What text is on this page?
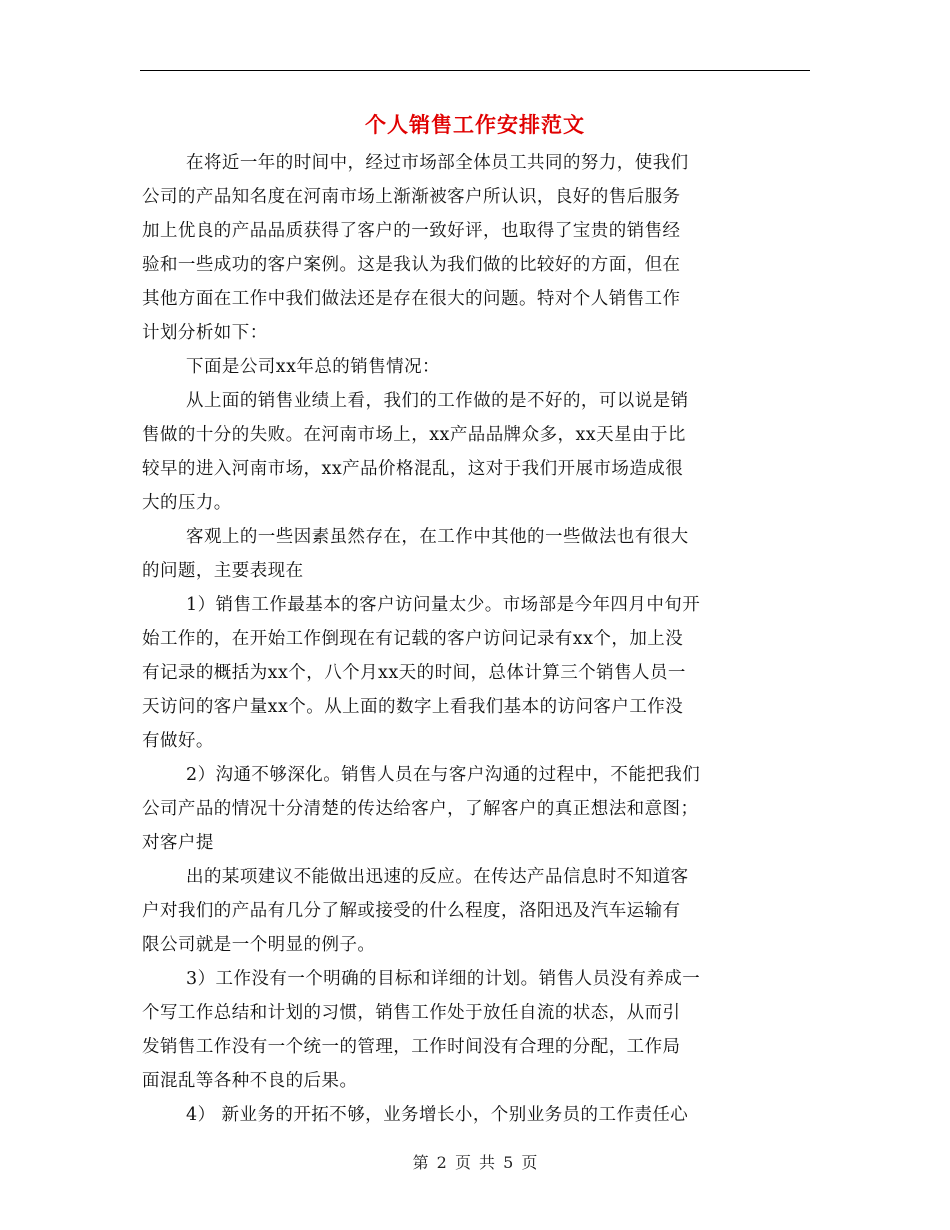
个人销售工作安排范文
在将近一年的时间中，经过市场部全体员工共同的努力，使我们
公司的产品知名度在河南市场上渐渐被客户所认识，良好的售后服务
加上优良的产品品质获得了客户的一致好评，也取得了宝贵的销售经
验和一些成功的客户案例。这是我认为我们做的比较好的方面，但在
其他方面在工作中我们做法还是存在很大的问题。特对个人销售工作
计划分析如下：
下面是公司xx年总的销售情况：
从上面的销售业绩上看，我们的工作做的是不好的，可以说是销
售做的十分的失败。在河南市场上，xx产品品牌众多，xx天星由于比
较早的进入河南市场，xx产品价格混乱，这对于我们开展市场造成很
大的压力。
客观上的一些因素虽然存在，在工作中其他的一些做法也有很大
的问题，主要表现在
1）销售工作最基本的客户访问量太少。市场部是今年四月中旬开
始工作的，在开始工作倒现在有记载的客户访问记录有xx个，加上没
有记录的概括为xx个，八个月xx天的时间，总体计算三个销售人员一
天访问的客户量xx个。从上面的数字上看我们基本的访问客户工作没
有做好。
2）沟通不够深化。销售人员在与客户沟通的过程中，不能把我们
公司产品的情况十分清楚的传达给客户，了解客户的真正想法和意图；
对客户提
出的某项建议不能做出迅速的反应。在传达产品信息时不知道客
户对我们的产品有几分了解或接受的什么程度，洛阳迅及汽车运输有
限公司就是一个明显的例子。
3）工作没有一个明确的目标和详细的计划。销售人员没有养成一
个写工作总结和计划的习惯，销售工作处于放任自流的状态，从而引
发销售工作没有一个统一的管理，工作时间没有合理的分配，工作局
面混乱等各种不良的后果。
4） 新业务的开拓不够，业务增长小，个别业务员的工作责任心
第 2 页 共 5 页
